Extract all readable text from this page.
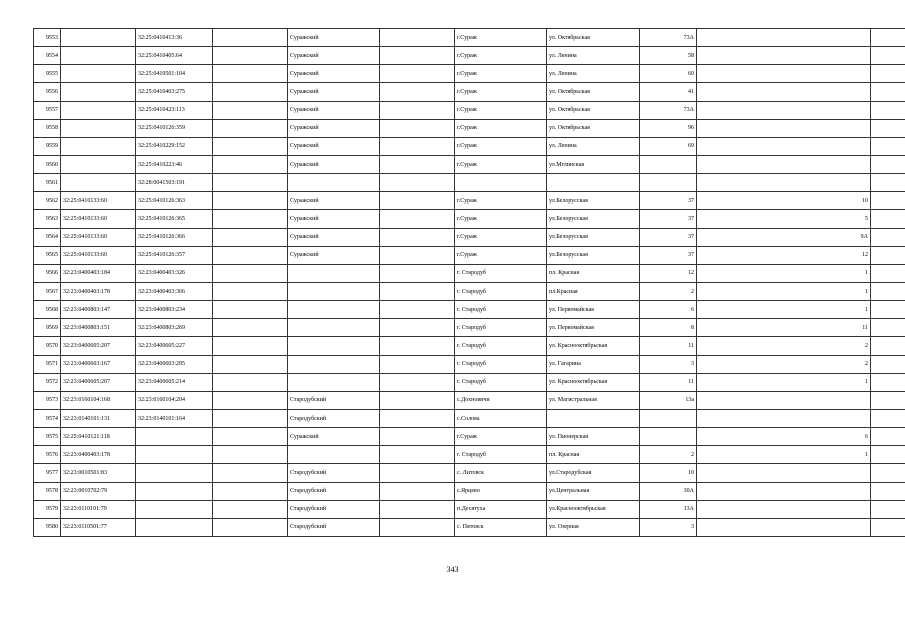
9553		32:25:0410413:36		Суражский		г.Сураж	ул. Октябрьская	73А			
9554		32:25:0410405:64		Суражский		г.Сураж	ул. Ленина	58			
9555		32:25:0410501:104		Суражский		г.Сураж	ул. Ленина	60			
9556		32:25:0410403:275		Суражский		г.Сураж	ул. Октябрьская	41			
9557		32:25:0410423:113		Суражский		г.Сураж	ул. Октябрьская	73А			
9558		32:25:0410126:359		Суражский		г.Сураж	ул. Октябрьская	96			
9559		32:25:0410229:152		Суражский		г.Сураж	ул. Ленина	69			
9560		32:25:0410223:46		Суражский		г.Сураж	ул.Мглинская				
9561		32:28:0041503:191									
9562	32:25:0410133:60	32:25:0410126:363		Суражский		г.Сураж	ул.Белорусская	37	10		
9563	32:25:0410133:60	32:25:0410126:365		Суражский		г.Сураж	ул.Белорусская	37	5		
9564	32:25:0410133:60	32:25:0410126:366		Суражский		г.Сураж	ул.Белорусская	37	9А		
9565	32:25:0410133:60	32:25:0410126:357		Суражский		г.Сураж	ул.Белорусская	37	12		
9566	32:23:0400403:184	32:23:0400403:326				г. Стародуб	пл. Красная	12	1		
9567	32:23:0400403:178	32:23:0400403:366				г. Стародуб	пл.Красная	2	1		
9568	32:23:0400803:147	32:23:0400803:234				г. Стародуб	ул. Первомайская	6	1		
9569	32:23:0400803:151	32:23:0400803:269				г. Стародуб	ул. Первомайская	8	11		
9570	32:23:0400605:207	32:23:0400605:227				г. Стародуб	ул. Краснооктябрьская	11	2		
9571	32:23:0400603:167	32:23:0400603:295				г. Стародуб	ул. Гагарина	3	2		
9572	32:23:0400605:207	32:23:0400605:214				г. Стародуб	ул. Краснооктябрьская	11	1		
9573	32:23:0160104:168	32:23:0160104:204		Стародубский		с.Дохновичи	ул. Магистральная	13а			
9574	32:23:0140101:131	32:23:0140101:164		Стародубский		с.Солова					
9575	32:25:0410121:118			Суражский		г.Сураж	ул. Пионерская		6		
9576	32:23:0400403:178					г. Стародуб	пл. Красная	2	1		
9577	32:23:0010501:83			Стародубский		с. Литовск	ул.Стародубская	10			
9578	32:23:0010702:79			Стародубский		с.Ярцево	ул.Центральная	30А			
9579	32:23:0110101:79			Стародубский		п.Десятуха	ул.Краснооктябрьская	13А			
9580	32:23:0110501:77			Стародубский		с. Пятовск	ул. Озерная	3			
343
